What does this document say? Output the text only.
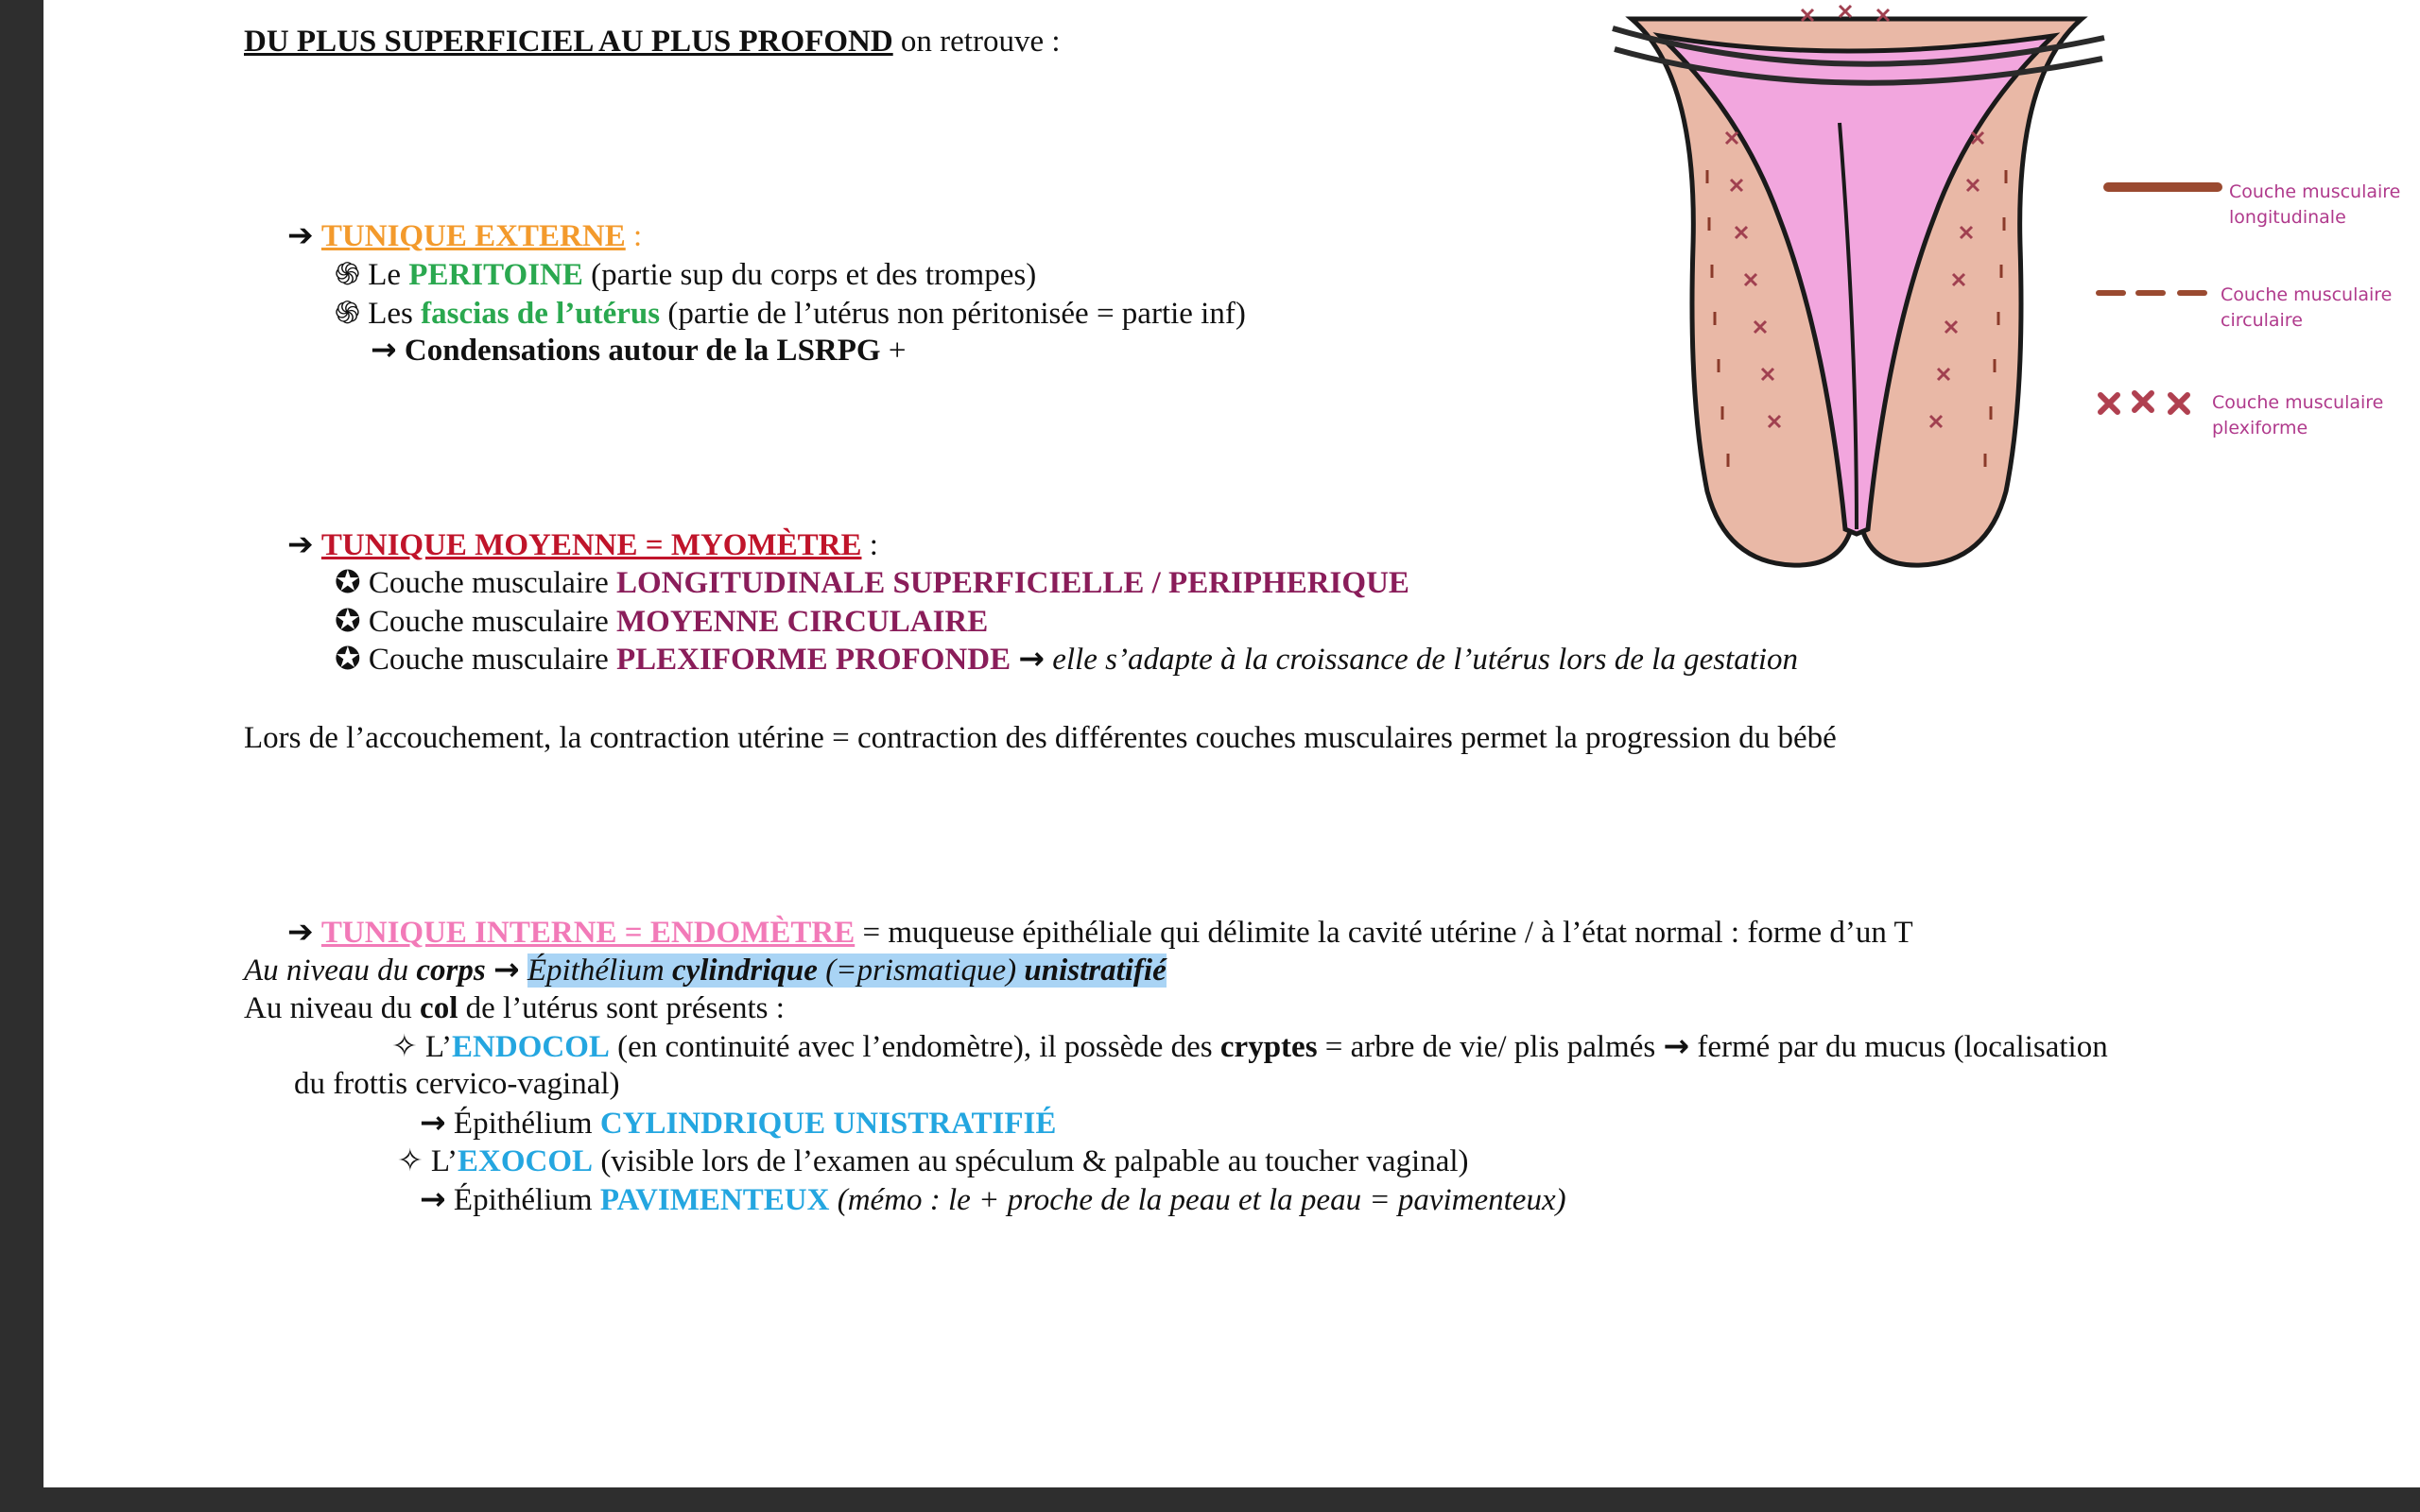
DU PLUS SUPERFICIEL AU PLUS PROFOND on retrouve :
➔ TUNIQUE EXTERNE :
֍ Le PERITOINE (partie sup du corps et des trompes)
֍ Les fascias de l’utérus (partie de l’utérus non péritonisée = partie inf)
→ Condensations autour de la LSRPG +
➔ TUNIQUE MOYENNE = MYOMÈTRE :
✪ Couche musculaire LONGITUDINALE SUPERFICIELLE / PERIPHERIQUE
✪ Couche musculaire MOYENNE CIRCULAIRE
✪ Couche musculaire PLEXIFORME PROFONDE → elle s’adapte à la croissance de l’utérus lors de la gestation
Lors de l’accouchement, la contraction utérine = contraction des différentes couches musculaires permet la progression du bébé
➔ TUNIQUE INTERNE = ENDOMÈTRE = muqueuse épithéliale qui délimite la cavité utérine / à l’état normal : forme d’un T
Au niveau du corps → Épithélium cylindrique (=prismatique) unistratifié
Au niveau du col de l’utérus sont présents :
✧ L’ENDOCOL (en continuité avec l’endomètre), il possède des cryptes = arbre de vie/ plis palmés → fermé par du mucus (localisation
du frottis cervico-vaginal)
→ Épithélium CYLINDRIQUE UNISTRATIFIÉ
✧ L’EXOCOL (visible lors de l’examen au spéculum & palpable au toucher vaginal)
→ Épithélium PAVIMENTEUX (mémo : le + proche de la peau et la peau = pavimenteux)
Couche musculaire
longitudinale
Couche musculaire
circulaire
Couche musculaire
plexiforme
